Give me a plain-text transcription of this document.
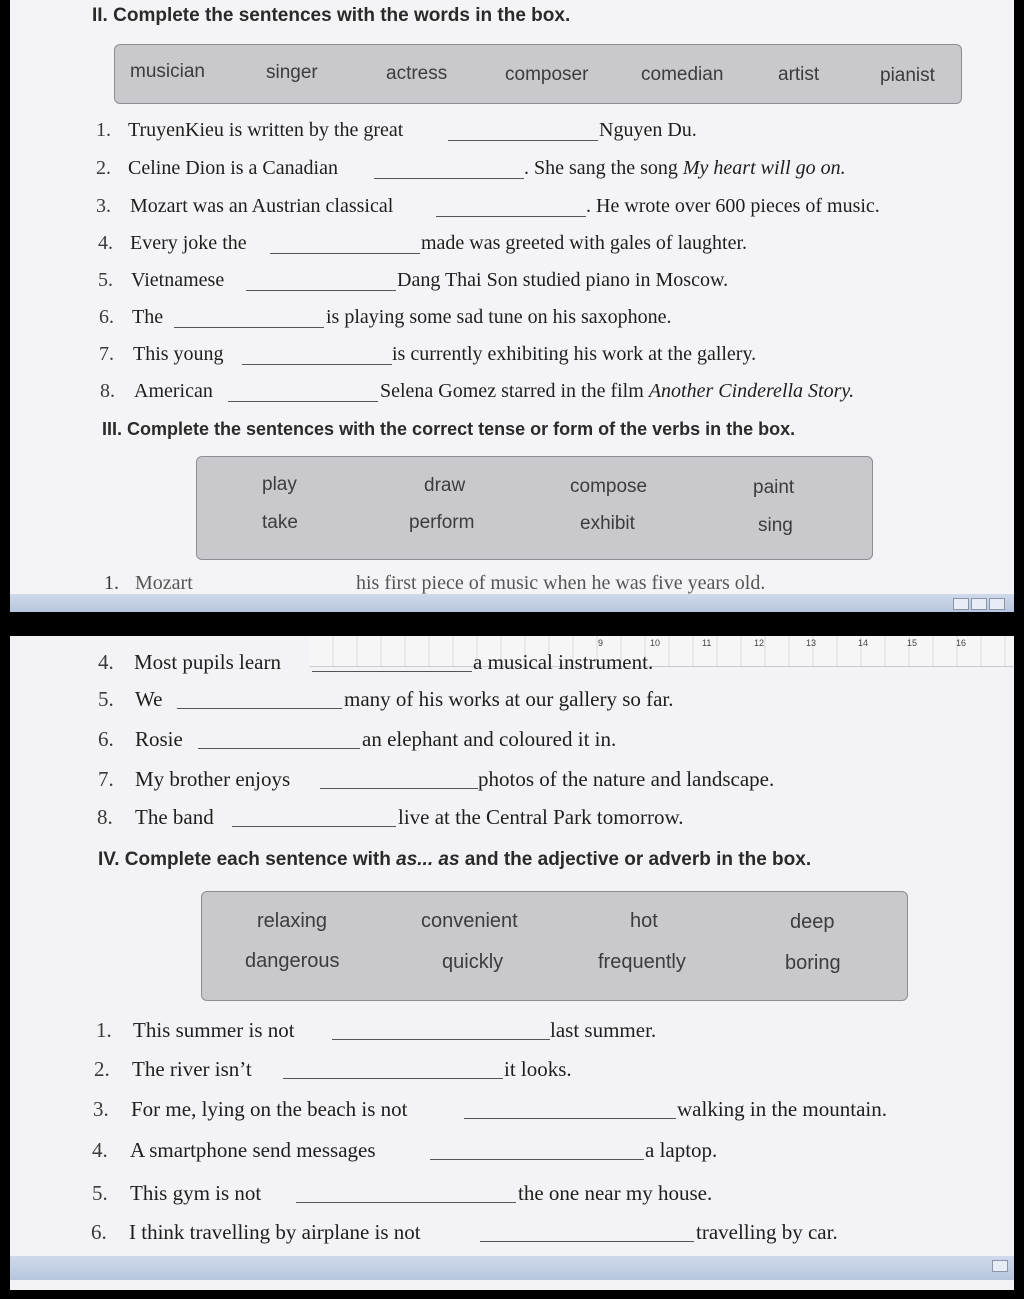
II. Complete the sentences with the words in the box.
musician	singer	actress	composer	comedian	artist	pianist
1. TruyenKieu is written by the great	Nguyen Du.
2. Celine Dion is a Canadian	. She sang the song My heart will go on.
3. Mozart was an Austrian classical	. He wrote over 600 pieces of music.
4. Every joke the	made was greeted with gales of laughter.
5. Vietnamese	Dang Thai Son studied piano in Moscow.
6. The	is playing some sad tune on his saxophone.
7. This young	is currently exhibiting his work at the gallery.
8. American	Selena Gomez starred in the film Another Cinderella Story.
III. Complete the sentences with the correct tense or form of the verbs in the box.
play	draw	compose	paint
take	perform	exhibit	sing
1. Mozart	his first piece of music when he was five years old.
9	10	11	12	13	14	15	16
4. Most pupils learn	a musical instrument.
5. We	many of his works at our gallery so far.
6. Rosie	an elephant and coloured it in.
7. My brother enjoys	photos of the nature and landscape.
8. The band	live at the Central Park tomorrow.
IV. Complete each sentence with as... as and the adjective or adverb in the box.
relaxing	convenient	hot	deep
dangerous	quickly	frequently	boring
1. This summer is not	last summer.
2. The river isn’t	it looks.
3. For me, lying on the beach is not	walking in the mountain.
4. A smartphone send messages	a laptop.
5. This gym is not	the one near my house.
6. I think travelling by airplane is not	travelling by car.
